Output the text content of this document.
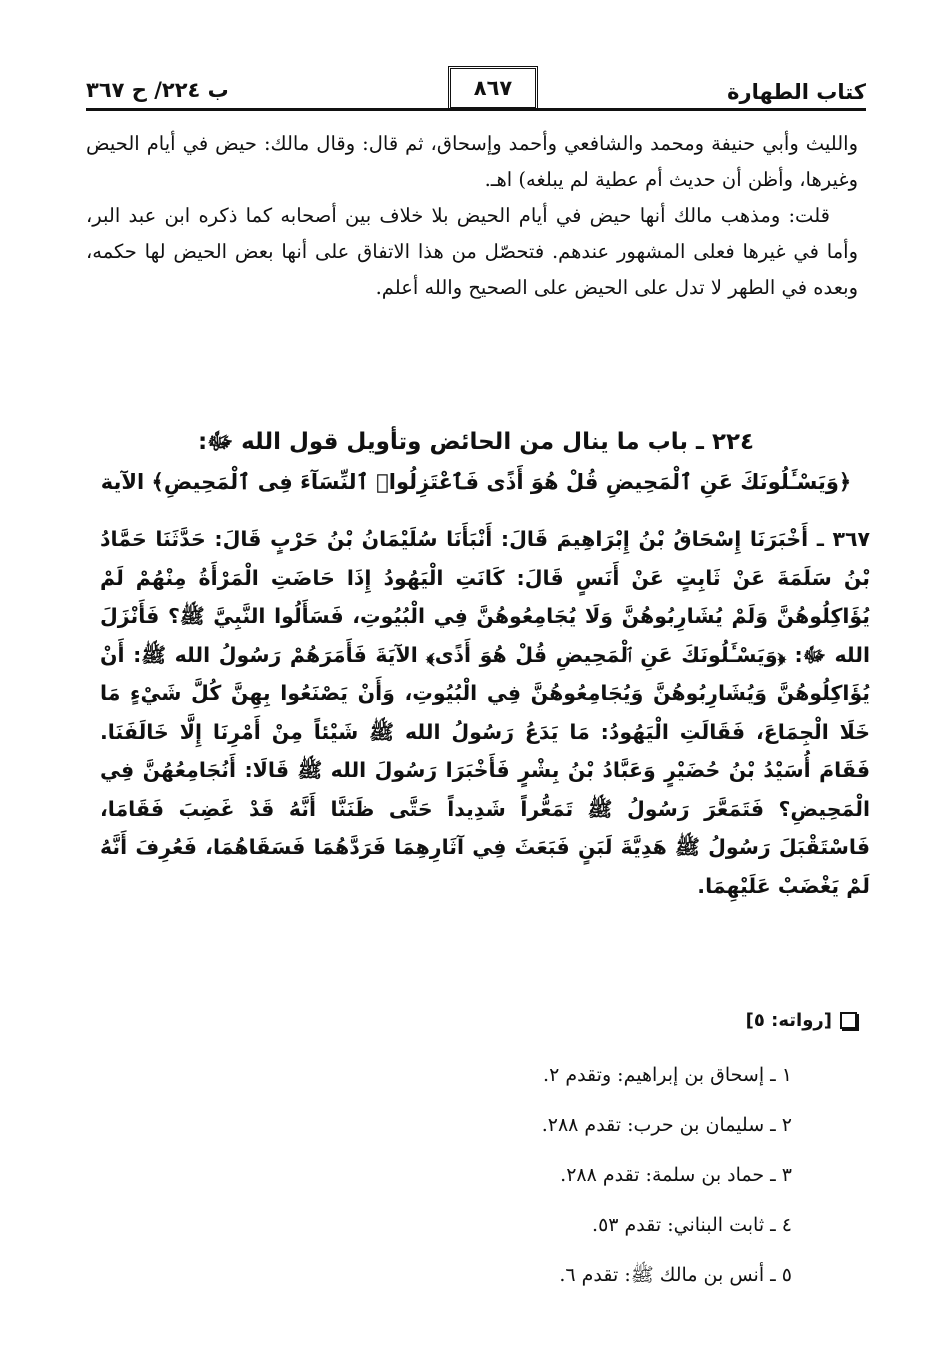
كتاب الطهارة
٨٦٧
ب ٢٢٤/ ح ٣٦٧

والليث وأبي حنيفة ومحمد والشافعي وأحمد وإسحاق، ثم قال: وقال مالك: حيض في أيام الحيض وغيرها، وأظن أن حديث أم عطية لم يبلغه) اهـ.

قلت: ومذهب مالك أنها حيض في أيام الحيض بلا خلاف بين أصحابه كما ذكره ابن عبد البر، وأما في غيرها فعلى المشهور عندهم. فتحصّل من هذا الاتفاق على أنها بعض الحيض لها حكمه، وبعده في الطهر لا تدل على الحيض على الصحيح والله أعلم.

٢٢٤ ـ باب ما ينال من الحائض وتأويل قول الله ﷻ:
﴿وَيَسْـَٔلُونَكَ عَنِ ٱلْمَحِيضِ قُلْ هُوَ أَذًى فَٱعْتَزِلُوا۟ ٱلنِّسَآءَ فِى ٱلْمَحِيضِ﴾ الآية
٣٦٧ ـ أَخْبَرَنَا إِسْحَاقُ بْنُ إِبْرَاهِيمَ قَالَ: أَنْبَأَنَا سُلَيْمَانُ بْنُ حَرْبٍ قَالَ: حَدَّثَنَا حَمَّادُ بْنُ سَلَمَةَ عَنْ ثَابِتٍ عَنْ أَنَسٍ قَالَ: كَانَتِ الْيَهُودُ إِذَا حَاضَتِ الْمَرْأَةُ مِنْهُمْ لَمْ يُؤَاكِلُوهُنَّ وَلَمْ يُشَارِبُوهُنَّ وَلَا يُجَامِعُوهُنَّ فِي الْبُيُوتِ، فَسَأَلُوا النَّبِيَّ ﷺ؟ فَأَنْزَلَ الله ﷻ: ﴿وَيَسْـَٔلُونَكَ عَنِ ٱلْمَحِيضِ قُلْ هُوَ أَذًى﴾ الآيَةَ فَأَمَرَهُمْ رَسُولُ الله ﷺ: أَنْ يُؤَاكِلُوهُنَّ وَيُشَارِبُوهُنَّ وَيُجَامِعُوهُنَّ فِي الْبُيُوتِ، وَأَنْ يَصْنَعُوا بِهِنَّ كُلَّ شَيْءٍ مَا خَلَا الْجِمَاعَ، فَقَالَتِ الْيَهُودُ: مَا يَدَعُ رَسُولُ الله ﷺ شَيْئاً مِنْ أَمْرِنَا إِلَّا خَالَفَنَا. فَقَامَ أُسَيْدُ بْنُ حُضَيْرٍ وَعَبَّادُ بْنُ بِشْرٍ فَأَخْبَرَا رَسُولَ الله ﷺ قَالَا: أَنُجَامِعُهُنَّ فِي الْمَحِيضِ؟ فَتَمَعَّرَ رَسُولُ ﷺ تَمَعُّراً شَدِيداً حَتَّى ظَنَنَّا أَنَّهُ قَدْ غَضِبَ فَقَامَا، فَاسْتَقْبَلَ رَسُولُ ﷺ هَدِيَّةَ لَبَنٍ فَبَعَثَ فِي آثَارِهِمَا فَرَدَّهُمَا فَسَقَاهُمَا، فَعُرِفَ أَنَّهُ لَمْ يَغْضَبْ عَلَيْهِمَا.
[رواته: ٥]
١ ـ إسحاق بن إبراهيم: وتقدم ٢.
٢ ـ سليمان بن حرب: تقدم ٢٨٨.
٣ ـ حماد بن سلمة: تقدم ٢٨٨.
٤ ـ ثابت البناني: تقدم ٥٣.
٥ ـ أنس بن مالك ﷺ: تقدم ٦.
